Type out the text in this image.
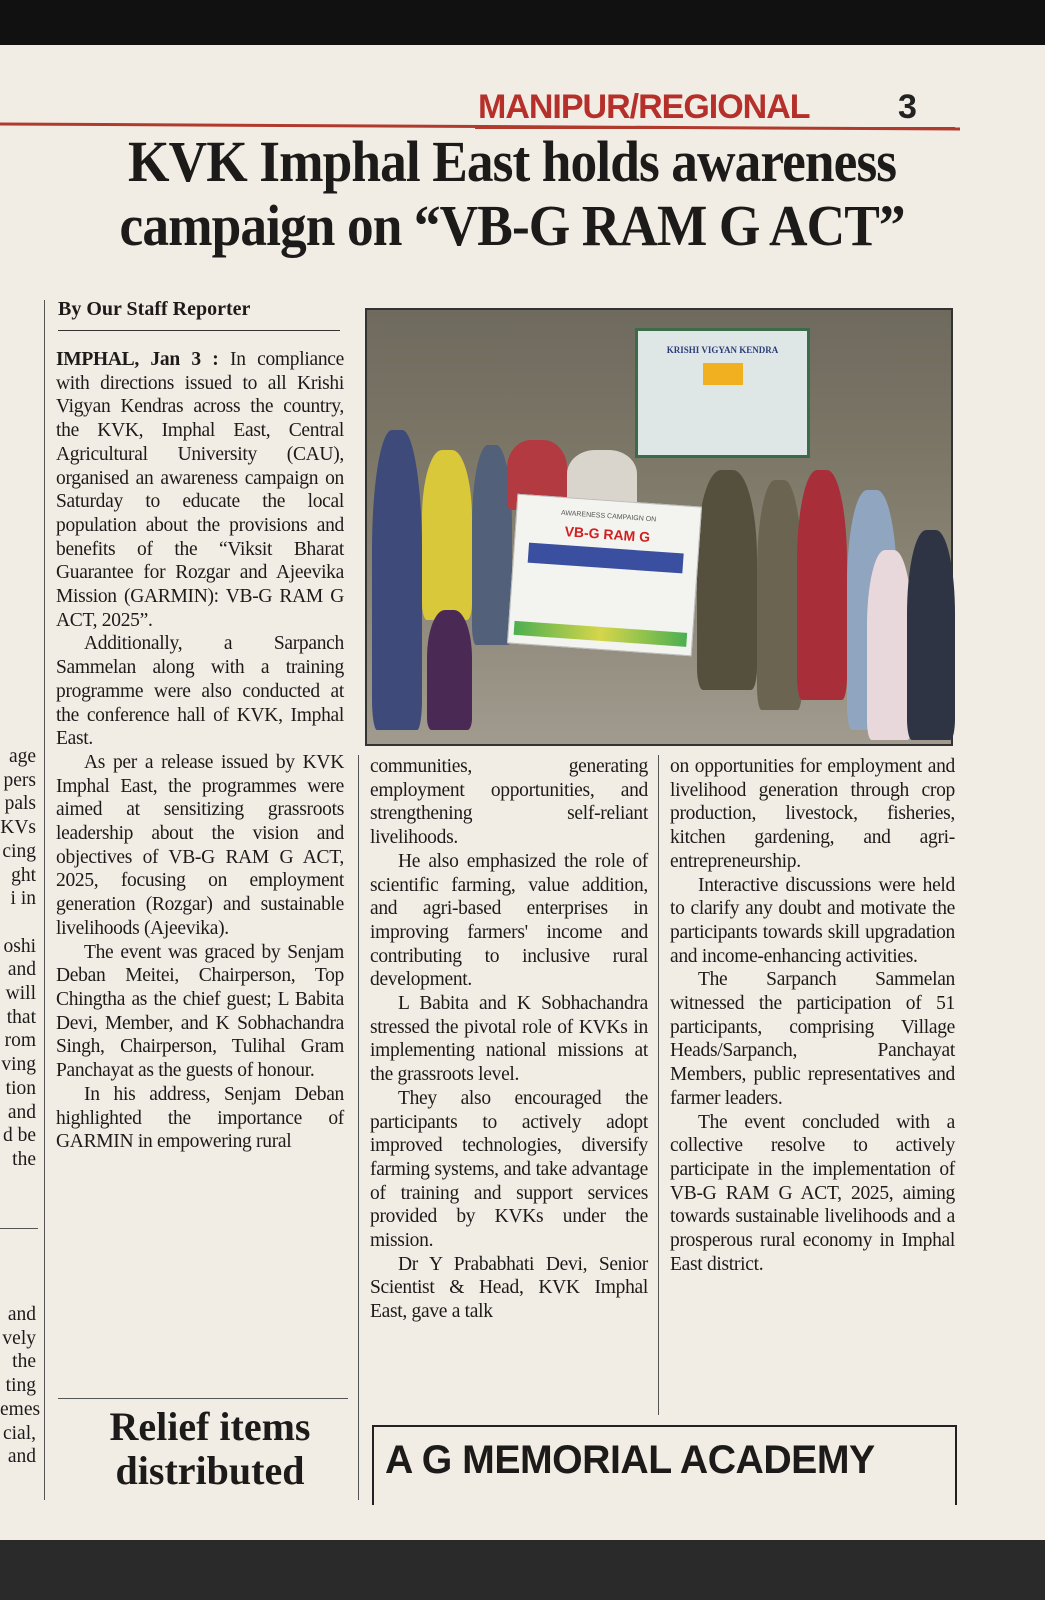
MANIPUR/REGIONAL	3
KVK Imphal East holds awareness campaign on “VB-G RAM G ACT”
By Our Staff Reporter
age
pers
pals
KVs
cing
ght
i in

oshi
and
will
that
rom
ving
tion
and
d be
the
and
vely
the
ting
emes
cial,
and
KRISHI VIGYAN KENDRA
AWARENESS CAMPAIGN ON
VB-G RAM G

IMPHAL, Jan 3 : In compliance with directions issued to all Krishi Vigyan Kendras across the country, the KVK, Imphal East, Central Agricultural University (CAU), organised an awareness campaign on Saturday to educate the local population about the provisions and benefits of the “Viksit Bharat Guarantee for Rozgar and Ajeevika Mission (GARMIN): VB-G RAM G ACT, 2025”.

Additionally, a Sarpanch Sammelan along with a training programme were also conducted at the conference hall of KVK, Imphal East.

As per a release issued by KVK Imphal East, the programmes were aimed at sensitizing grassroots leadership about the vision and objectives of VB-G RAM G ACT, 2025, focusing on employment generation (Rozgar) and sustainable livelihoods (Ajeevika).

The event was graced by Senjam Deban Meitei, Chairperson, Top Chingtha as the chief guest; L Babita Devi, Member, and K Sobhachandra Singh, Chairperson, Tulihal Gram Panchayat as the guests of honour.

In his address, Senjam Deban highlighted the importance of GARMIN in empowering rural

communities, generating employment opportunities, and strengthening self-reliant livelihoods.

He also emphasized the role of scientific farming, value addition, and agri-based enterprises in improving farmers' income and contributing to inclusive rural development.

L Babita and K Sobhachandra stressed the pivotal role of KVKs in implementing national missions at the grassroots level.

They also encouraged the participants to actively adopt improved technologies, diversify farming systems, and take advantage of training and support services provided by KVKs under the mission.

Dr Y Prababhati Devi, Senior Scientist & Head, KVK Imphal East, gave a talk

on opportunities for employment and livelihood generation through crop production, livestock, fisheries, kitchen gardening, and agri-entrepreneurship.

Interactive discussions were held to clarify any doubt and motivate the participants towards skill upgradation and income-enhancing activities.

The Sarpanch Sammelan witnessed the participation of 51 participants, comprising Village Heads/Sarpanch, Panchayat Members, public representatives and farmer leaders.

The event concluded with a collective resolve to actively participate in the implementation of VB-G RAM G ACT, 2025, aiming towards sustainable livelihoods and a prosperous rural economy in Imphal East district.

Relief items distributed	A G MEMORIAL ACADEMY
